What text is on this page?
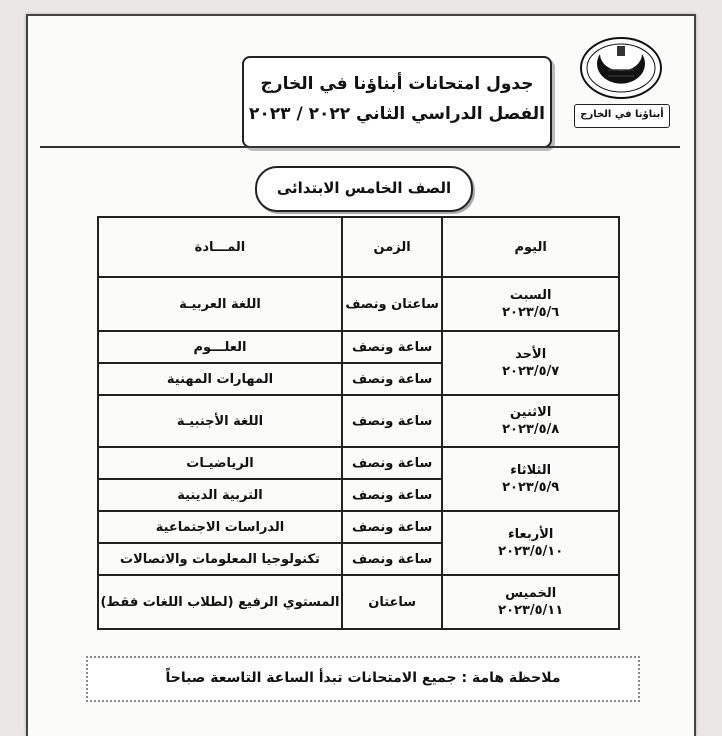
جدول امتحانات أبناؤنا في الخارج
الفصل الدراسي الثاني ٢٠٢٢ / ٢٠٢٣	أبناؤنا في الخارج
الصف الخامس الابتدائى
اليوم	الزمن	المـــادة

السبت
٢٠٢٣/٥/٦	ساعتان ونصف	اللغة العربيـة

الأحد
٢٠٢٣/٥/٧	ساعة ونصف	العلـــوم
	ساعة ونصف	المهارات المهنية

الاثنين
٢٠٢٣/٥/٨	ساعة ونصف	اللغة الأجنبيـة

الثلاثاء
٢٠٢٣/٥/٩	ساعة ونصف	الرياضيـات
	ساعة ونصف	التربية الدينية

الأربعاء
٢٠٢٣/٥/١٠	ساعة ونصف	الدراسات الاجتماعية
	ساعة ونصف	تكنولوجيا المعلومات والاتصالات

الخميس
٢٠٢٣/٥/١١	ساعتان	المستوي الرفيع (لطلاب اللغات فقط)
ملاحظة هامة : جميع الامتحانات تبدأ الساعة التاسعة صباحاً
